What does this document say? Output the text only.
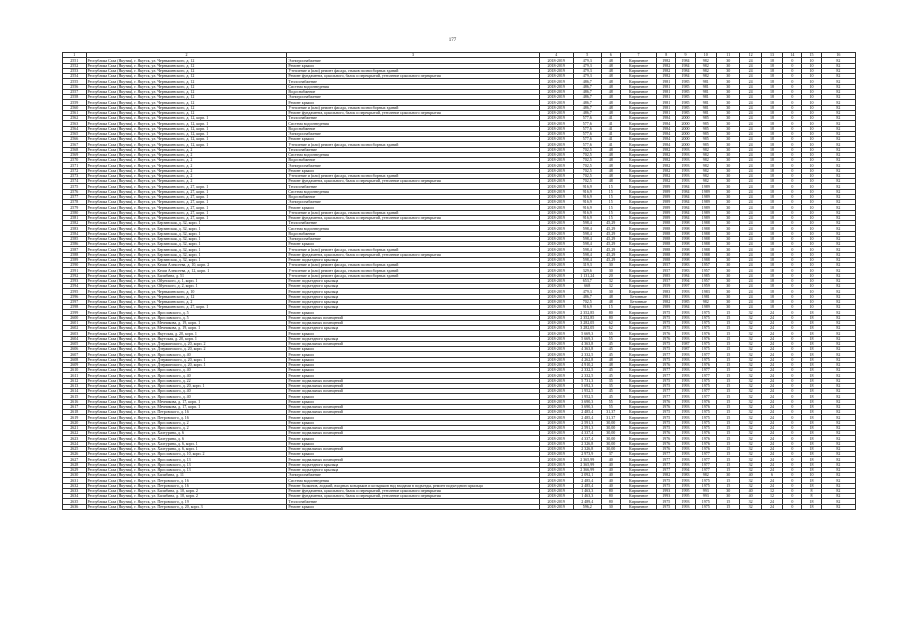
177
1	2	3	4	5	6	7	8	9	10	11	12	13	14	15	16
2551	Республика Саха (Якутия), г. Якутск, ул. Чернышевского, д. 12	Электроснабжение	2018-2019	479,3	48	Кирпичное	1982	1984	982	30	24	18	0	10	82
2552	Республика Саха (Якутия), г. Якутск, ул. Чернышевского, д. 12	Ремонт крыши	2018-2019	479,3	48	Кирпичное	1982	1984	982	30	24	18	0	10	82
2553	Республика Саха (Якутия), г. Якутск, ул. Чернышевского, д. 12	Утепление и (или) ремонт фасада, стыков полносборных зданий	2018-2019	479,3	48	Кирпичное	1982	1984	982	30	24	18	0	10	82
2554	Республика Саха (Якутия), г. Якутск, ул. Чернышевского, д. 12	Ремонт фундамента, цокольного, балок и перекрытий, утепление цокольного перекрытия	2018-2019	479,3	48	Кирпичное	1982	1984	982	30	24	18	0	10	82
2555	Республика Саха (Якутия), г. Якутск, ул. Чернышевского, д. 12	Теплоснабжение	2018-2019	486,7	48	Кирпичное	1981	1985	981	30	24	18	0	10	82
2556	Республика Саха (Якутия), г. Якутск, ул. Чернышевского, д. 12	Система водоотведения	2018-2019	486,7	48	Кирпичное	1981	1985	981	30	24	18	0	10	82
2557	Республика Саха (Якутия), г. Якутск, ул. Чернышевского, д. 12	Водоснабжение	2018-2019	486,7	48	Кирпичное	1981	1985	981	30	24	18	0	10	82
2558	Республика Саха (Якутия), г. Якутск, ул. Чернышевского, д. 12	Электроснабжение	2018-2019	486,7	48	Кирпичное	1981	1985	981	30	24	18	0	10	82
2559	Республика Саха (Якутия), г. Якутск, ул. Чернышевского, д. 12	Ремонт крыши	2018-2019	486,7	48	Кирпичное	1981	1985	981	30	24	18	0	10	82
2560	Республика Саха (Якутия), г. Якутск, ул. Чернышевского, д. 12	Утепление и (или) ремонт фасада, стыков полносборных зданий	2018-2019	486,7	48	Кирпичное	1981	1985	981	30	24	18	0	10	82
2561	Республика Саха (Якутия), г. Якутск, ул. Чернышевского, д. 12	Ремонт фундамента, цокольного, балок и перекрытий, утепление цокольного перекрытия	2018-2019	486,7	48	Кирпичное	1981	1985	981	30	24	18	0	10	82
2562	Республика Саха (Якутия), г. Якутск, ул. Чернышевского, д. 12, корп. 1	Теплоснабжение	2018-2019	577,6	41	Кирпичное	1984	2000	985	30	24	18	0	10	82
2563	Республика Саха (Якутия), г. Якутск, ул. Чернышевского, д. 12, корп. 1	Система водоотведения	2018-2019	577,6	41	Кирпичное	1984	2000	985	30	24	18	0	10	82
2564	Республика Саха (Якутия), г. Якутск, ул. Чернышевского, д. 12, корп. 1	Водоснабжение	2018-2019	577,6	41	Кирпичное	1984	2000	985	30	24	18	0	10	82
2565	Республика Саха (Якутия), г. Якутск, ул. Чернышевского, д. 12, корп. 1	Электроснабжение	2018-2019	577,6	41	Кирпичное	1984	2000	985	30	24	18	0	10	82
2566	Республика Саха (Якутия), г. Якутск, ул. Чернышевского, д. 12, корп. 1	Ремонт крыши	2018-2019	577,6	41	Кирпичное	1984	2000	985	30	24	18	0	10	82
2567	Республика Саха (Якутия), г. Якутск, ул. Чернышевского, д. 12, корп. 1	Утепление и (или) ремонт фасада, стыков полносборных зданий	2018-2019	577,6	41	Кирпичное	1984	2000	985	30	24	18	0	10	82
2568	Республика Саха (Якутия), г. Якутск, ул. Чернышевского, д. 2	Теплоснабжение	2018-2019	702,5	48	Кирпичное	1982	1993	982	30	24	18	0	10	82
2569	Республика Саха (Якутия), г. Якутск, ул. Чернышевского, д. 2	Система водоотведения	2018-2019	702,5	48	Кирпичное	1982	1993	982	30	24	18	0	10	82
2570	Республика Саха (Якутия), г. Якутск, ул. Чернышевского, д. 2	Водоснабжение	2018-2019	702,5	48	Кирпичное	1982	1993	982	30	24	18	0	10	82
2571	Республика Саха (Якутия), г. Якутск, ул. Чернышевского, д. 2	Электроснабжение	2018-2019	702,5	48	Кирпичное	1982	1993	982	30	24	18	0	10	82
2572	Республика Саха (Якутия), г. Якутск, ул. Чернышевского, д. 2	Ремонт крыши	2018-2019	702,5	48	Кирпичное	1982	1993	982	30	24	18	0	10	82
2573	Республика Саха (Якутия), г. Якутск, ул. Чернышевского, д. 2	Утепление и (или) ремонт фасада, стыков полносборных зданий	2018-2019	702,5	48	Кирпичное	1982	1993	982	30	24	18	0	10	82
2574	Республика Саха (Якутия), г. Якутск, ул. Чернышевского, д. 2	Ремонт фундамента, цокольного, балок и перекрытий, утепление цокольного перекрытия	2018-2019	702,5	48	Кирпичное	1982	1993	982	30	24	18	0	10	82
2575	Республика Саха (Якутия), г. Якутск, ул. Чернышевского, д. 27, корп. 1	Теплоснабжение	2018-2019	916,9	15	Кирпичное	1989	1984	1989	30	24	18	0	10	82
2576	Республика Саха (Якутия), г. Якутск, ул. Чернышевского, д. 27, корп. 1	Система водоотведения	2018-2019	916,9	15	Кирпичное	1989	1984	1989	30	24	18	0	10	82
2577	Республика Саха (Якутия), г. Якутск, ул. Чернышевского, д. 27, корп. 1	Водоснабжение	2018-2019	916,9	15	Кирпичное	1989	1984	1989	30	24	18	0	10	82
2578	Республика Саха (Якутия), г. Якутск, ул. Чернышевского, д. 27, корп. 1	Электроснабжение	2018-2019	916,9	15	Кирпичное	1989	1984	1989	30	24	18	0	10	82
2579	Республика Саха (Якутия), г. Якутск, ул. Чернышевского, д. 27, корп. 1	Ремонт крыши	2018-2019	916,9	15	Кирпичное	1989	1984	1989	30	24	18	0	10	82
2580	Республика Саха (Якутия), г. Якутск, ул. Чернышевского, д. 27, корп. 1	Утепление и (или) ремонт фасада, стыков полносборных зданий	2018-2019	916,9	15	Кирпичное	1989	1984	1989	30	24	18	0	10	82
2581	Республика Саха (Якутия), г. Якутск, ул. Чернышевского, д. 27, корп. 1	Ремонт фундамента, цокольного, балок и перекрытий, утепление цокольного перекрытия	2018-2019	916,9	15	Кирпичное	1989	1984	1989	30	24	18	0	10	82
2582	Республика Саха (Якутия), г. Якутск, ул. Берзинская, д. 32, корп. 1	Теплоснабжение	2018-2019	598,4	45,29	Кирпичное	1988	1998	1988	30	24	18	0	10	82
2583	Республика Саха (Якутия), г. Якутск, ул. Берзинская, д. 32, корп. 1	Система водоотведения	2018-2019	598,4	45,29	Кирпичное	1988	1998	1988	30	24	18	0	10	82
2584	Республика Саха (Якутия), г. Якутск, ул. Берзинская, д. 32, корп. 1	Водоснабжение	2018-2019	598,4	45,29	Кирпичное	1988	1998	1988	30	24	18	0	10	82
2585	Республика Саха (Якутия), г. Якутск, ул. Берзинская, д. 32, корп. 1	Электроснабжение	2018-2019	598,4	45,29	Кирпичное	1988	1998	1988	30	24	18	0	10	82
2586	Республика Саха (Якутия), г. Якутск, ул. Берзинская, д. 32, корп. 1	Ремонт крыши	2018-2019	598,4	45,29	Кирпичное	1988	1998	1988	30	24	18	0	10	82
2587	Республика Саха (Якутия), г. Якутск, ул. Берзинская, д. 32, корп. 1	Утепление и (или) ремонт фасада, стыков полносборных зданий	2018-2019	598,4	45,29	Кирпичное	1988	1998	1988	30	24	18	0	10	82
2588	Республика Саха (Якутия), г. Якутск, ул. Берзинская, д. 32, корп. 1	Ремонт фундамента, цокольного, балок и перекрытий, утепление цокольного перекрытия	2018-2019	598,4	45,29	Кирпичное	1988	1998	1988	30	24	18	0	10	82
2589	Республика Саха (Якутия), г. Якутск, ул. Берзинская, д. 32, корп. 1	Ремонт подъездного крыльца	2018-2019	598,4	45,29	Кирпичное	1988	1998	1988	30	24	18	0	10	82
2590	Республика Саха (Якутия), г. Якутск, ул. Кеши Алексеева, д. 10, корп. 2	Утепление и (или) ремонт фасада, стыков полносборных зданий	2018-2019	319,3	30	Кирпичное	1957	1983	1957	30	24	18	0	10	82
2591	Республика Саха (Якутия), г. Якутск, ул. Кеши Алексеева, д. 12, корп. 1	Утепление и (или) ремонт фасада, стыков полносборных зданий	2018-2019	329,6	30	Кирпичное	1957	1983	1957	30	24	18	0	10	82
2592	Республика Саха (Якутия), г. Якутск, ул. Билибина, д. 51	Утепление и (или) ремонт фасада, стыков полносборных зданий	2018-2019	1 131,24	20	Кирпичное	1985	1984	1985	30	24	18	0	10	82
2593	Республика Саха (Якутия), г. Якутск, ул. Ойунского, д. 1, корп. 1	Ремонт подъездного крыльца	2018-2019	653,7	32	Кирпичное	1957	1994	1957	30	24	18	0	10	82
2594	Республика Саха (Якутия), г. Якутск, ул. Ойунского, д. 2, корп. 1	Ремонт подъездного крыльца	2018-2019	668	32	Кирпичное	1959	1997	1959	30	24	18	0	10	82
2595	Республика Саха (Якутия), г. Якутск, ул. Чернышевского, д. 10	Ремонт подъездного крыльца	2018-2019	479,3	30	Кирпичное	1983	1993	1983	30	24	18	0	10	82
2596	Республика Саха (Якутия), г. Якутск, ул. Чернышевского, д. 12	Ремонт подъездного крыльца	2018-2019	486,7	48	Бетонные	1981	1993	1981	30	24	18	0	10	82
2597	Республика Саха (Якутия), г. Якутск, ул. Чернышевского, д. 2	Ремонт подъездного крыльца	2018-2019	702,5	48	Бетонные	1982	1985	982	30	24	18	0	10	82
2598	Республика Саха (Якутия), г. Якутск, ул. Чернышевского, д. 27, корп. 1	Ремонт подъездного крыльца	2018-2019	916,9	15	Кирпичное	1989	1984	1989	30	24	18	0	10	82
2599	Республика Саха (Якутия), г. Якутск, ул. Ярославского, д. 5	Ремонт крыши	2018-2019	2 352,85	80	Кирпичное	1975	1993	1975	15	32	24	0	18	82
2600	Республика Саха (Якутия), г. Якутск, ул. Ярославского, д. 5	Ремонт подвальных помещений	2018-2019	2 352,85	80	Кирпичное	1975	1993	1975	15	32	24	0	18	82
2601	Республика Саха (Якутия), г. Якутск, ул. Мечникова, д. 19, корп. 1	Ремонт подвальных помещений	2018-2019	3 282,05	62	Кирпичное	1975	1993	1975	15	32	24	0	18	82
2602	Республика Саха (Якутия), г. Якутск, ул. Мечникова, д. 19, корп. 1	Ремонт подъездного крыльца	2018-2019	3 282,05	62	Кирпичное	1975	1993	1975	15	32	24	0	18	82
2603	Республика Саха (Якутия), г. Якутск, ул. Якутская, д. 20, корп. 1	Ремонт крыши	2018-2019	5 669,3	55	Кирпичное	1976	1993	1976	15	32	24	0	18	82
2604	Республика Саха (Якутия), г. Якутск, ул. Якутская, д. 20, корп. 1	Ремонт подъездного крыльца	2018-2019	5 669,3	55	Кирпичное	1976	1993	1976	15	32	24	0	18	82
2605	Республика Саха (Якутия), г. Якутск, ул. Дзержинского, д. 20, корп. 2	Ремонт подвальных помещений	2018-2019	4 363,8	45	Кирпичное	1975	1987	1975	15	32	24	0	18	82
2606	Республика Саха (Якутия), г. Якутск, ул. Дзержинского, д. 20, корп. 2	Ремонт крыши	2018-2019	4 363,8	45	Кирпичное	1975	1987	1975	15	32	24	0	18	82
2607	Республика Саха (Якутия), г. Якутск, ул. Ярославского, д. 40	Ремонт крыши	2018-2019	2 332,5	45	Кирпичное	1977	1993	1977	15	32	24	0	18	82
2608	Республика Саха (Якутия), г. Якутск, ул. Дзержинского, д. 20, корп. 1	Ремонт крыши	2018-2019	4 262,8	48	Кирпичное	1975	1993	1975	15	32	24	0	18	82
2609	Республика Саха (Якутия), г. Якутск, ул. Дзержинского, д. 20, корп. 1	Ремонт крыши	2018-2019	4 910,2	48	Кирпичное	1976	1993	1976	15	32	24	0	18	82
2610	Республика Саха (Якутия), г. Якутск, ул. Ярославского, д. 40	Ремонт крыши	2018-2019	2 332,5	45	Кирпичное	1977	1993	1977	15	32	24	0	18	82
2611	Республика Саха (Якутия), г. Якутск, ул. Ярославского, д. 40	Ремонт крыши	2018-2019	2 332,5	45	Кирпичное	1977	1993	1977	15	32	24	0	18	82
2612	Республика Саха (Якутия), г. Якутск, ул. Ярославского, д. 22	Ремонт подвальных помещений	2018-2019	5 731,3	35	Кирпичное	1975	1993	1975	15	32	24	0	18	82
2613	Республика Саха (Якутия), г. Якутск, ул. Ярославского, д. 20, корп. 1	Ремонт подвальных помещений	2018-2019	5 692,3	35	Кирпичное	1975	1993	1975	15	32	24	0	18	82
2614	Республика Саха (Якутия), г. Якутск, ул. Ярославского, д. 40	Ремонт подвальных помещений	2018-2019	1 952,5	45	Кирпичное	1977	1993	1977	15	32	24	0	18	82
2615	Республика Саха (Якутия), г. Якутск, ул. Ярославского, д. 40	Ремонт крыши	2018-2019	1 952,5	45	Кирпичное	1977	1993	1977	15	32	24	0	18	82
2616	Республика Саха (Якутия), г. Якутск, ул. Мечникова, д. 17, корп. 1	Ремонт крыши	2018-2019	3 690,3	55	Кирпичное	1976	1993	1976	15	32	24	0	18	82
2617	Республика Саха (Якутия), г. Якутск, ул. Мечникова, д. 17, корп. 1	Ремонт подвальных помещений	2018-2019	3 690,3	55	Кирпичное	1976	1993	1976	15	32	24	0	18	82
2618	Республика Саха (Якутия), г. Якутск, ул. Петровского, д. 16	Ремонт подвальных помещений	2018-2019	2 485,4	31,37	Кирпичное	1975	1993	1975	15	32	24	0	18	82
2619	Республика Саха (Якутия), г. Якутск, ул. Петровского, д. 16	Ремонт крыши	2018-2019	2 485,4	31,37	Кирпичное	1975	1993	1975	15	32	24	0	18	82
2620	Республика Саха (Якутия), г. Якутск, ул. Ярославского, д. 2	Ремонт крыши	2018-2019	2 591,3	30,00	Кирпичное	1975	1993	1975	15	32	24	0	18	82
2621	Республика Саха (Якутия), г. Якутск, ул. Ярославского, д. 2	Ремонт подвальных помещений	2018-2019	2 591,3	30,00	Кирпичное	1975	1993	1975	15	32	24	0	18	82
2622	Республика Саха (Якутия), г. Якутск, ул. Халтурина, д. 6	Ремонт подвальных помещений	2018-2019	4 337,4	30,00	Кирпичное	1976	1993	1976	15	32	24	0	18	82
2623	Республика Саха (Якутия), г. Якутск, ул. Халтурина, д. 6	Ремонт крыши	2018-2019	4 337,4	30,00	Кирпичное	1976	1993	1976	15	32	24	0	18	82
2624	Республика Саха (Якутия), г. Якутск, ул. Халтурина, д. 6, корп. 1	Ремонт крыши	2018-2019	2 326,8	30,00	Кирпичное	1976	1993	1976	15	32	24	0	18	82
2625	Республика Саха (Якутия), г. Якутск, ул. Халтурина, д. 6, корп. 1	Ремонт подвальных помещений	2018-2019	2 326,8	30,00	Кирпичное	1976	1993	1976	15	32	24	0	18	82
2626	Республика Саха (Якутия), г. Якутск, ул. Ярославского, д. 10, корп. 2	Ремонт крыши	2018-2019	2 973,9	37	Кирпичное	1977	1993	1977	15	32	24	0	18	82
2627	Республика Саха (Якутия), г. Якутск, ул. Ярославского, д. 13	Ремонт подвальных помещений	2018-2019	2 365,99	40	Кирпичное	1977	1993	1977	15	32	24	0	18	82
2628	Республика Саха (Якутия), г. Якутск, ул. Ярославского, д. 13	Ремонт подъездного крыльца	2018-2019	2 365,99	40	Кирпичное	1977	1993	1977	15	32	24	0	18	82
2629	Республика Саха (Якутия), г. Якутск, ул. Ярославского, д. 13	Ремонт подъездного крыльца	2018-2019	2 366,99	40	Кирпичное	1977	1994	1977	15	32	24	0	18	82
2630	Республика Саха (Якутия), г. Якутск, ул. Билибина, д. 11	Электроснабжение	2018-2019	2 092,1	40	Кирпичное	1982	1983	982	30	40	6	0	10	82
2631	Республика Саха (Якутия), г. Якутск, ул. Петровского, д. 16	Система водоотведения	2018-2019	2 485,4	40	Кирпичное	1975	1993	1975	15	32	24	0	18	82
2632	Республика Саха (Якутия), г. Якутск, ул. Петровского, д. 16	Ремонт балконов, лоджий, входных козырьков и козырьков над входами в подъезды, ремонт подъездного крыльца	2018-2019	2 485,4	40	Кирпичное	1975	1993	1975	15	32	24	0	18	82
2633	Республика Саха (Якутия), г. Якутск, ул. Билибина, д. 10, корп. 2	Ремонт фундамента, цокольного, балок и перекрытий, утепление цокольного перекрытия	2018-2019	1 463,3	80	Кирпичное	1993	1995	993	30	40	12	0	8	82
2634	Республика Саха (Якутия), г. Якутск, ул. Билибина, д. 10, корп. 2	Ремонт фундамента, цокольного, балок и перекрытий, утепление цокольного перекрытия	2018-2019	1 463,3	80	Кирпичное	1993	1995	993	30	40	12	0	8	82
2635	Республика Саха (Якутия), г. Якутск, ул. Петровского, д. 19	Теплоснабжение	2018-2019	2 489,4	80	Кирпичное	1975	1993	1975	15	32	24	0	18	82
2636	Республика Саха (Якутия), г. Якутск, ул. Петровского, д. 20, корп. 3	Ремонт крыши	2018-2019	596,2	30	Кирпичное	1975	1993	1975	15	32	24	0	18	82
